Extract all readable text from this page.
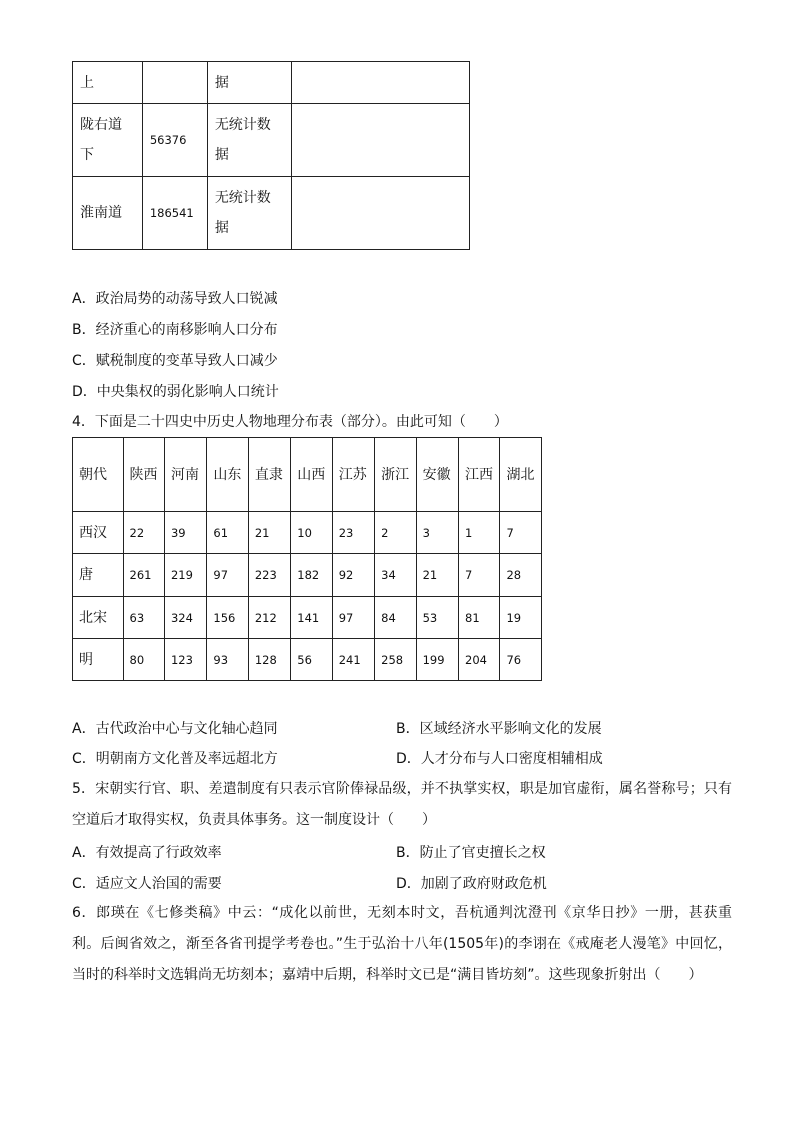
上		据	
陇右道下	56376	无统计数据	
淮南道	186541	无统计数据	
A．政治局势的动荡导致人口锐减
B．经济重心的南移影响人口分布
C．赋税制度的变革导致人口减少
D．中央集权的弱化影响人口统计
4．下面是二十四史中历史人物地理分布表（部分）。由此可知（　　）
朝代	陕西	河南	山东	直隶	山西	江苏	浙江	安徽	江西	湖北
西汉	22	39	61	21	10	23	2	3	1	7
唐	261	219	97	223	182	92	34	21	7	28
北宋	63	324	156	212	141	97	84	53	81	19
明	80	123	93	128	56	241	258	199	204	76
A．古代政治中心与文化轴心趋同	B．区域经济水平影响文化的发展
C．明朝南方文化普及率远超北方	D．人才分布与人口密度相辅相成
5．宋朝实行官、职、差遣制度有只表示官阶俸禄品级，并不执掌实权，职是加官虚衔，属名誉称号；只有空道后才取得实权，负责具体事务。这一制度设计（　　）
A．有效提高了行政效率	B．防止了官吏擅长之权
C．适应文人治国的需要	D．加剧了政府财政危机
6．郎瑛在《七修类稿》中云：“成化以前世，无刻本时文，吾杭通判沈澄刊《京华日抄》一册，甚获重利。后闽省效之，渐至各省刊提学考卷也。”生于弘治十八年(1505年)的李诩在《戒庵老人漫笔》中回忆，当时的科举时文选辑尚无坊刻本；嘉靖中后期，科举时文已是“满目皆坊刻”。这些现象折射出（　　）
